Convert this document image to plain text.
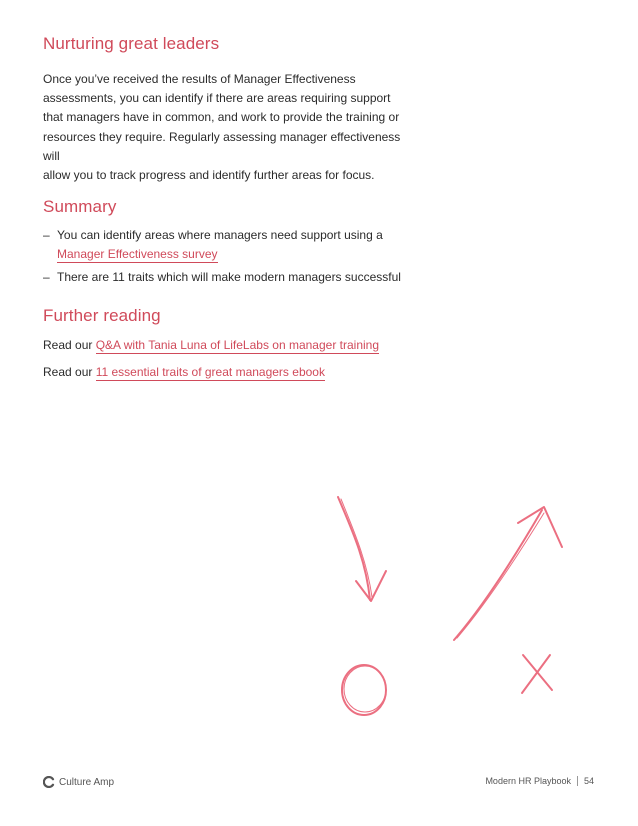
Nurturing great leaders
Once you’ve received the results of Manager Effectiveness
assessments, you can identify if there are areas requiring support
that managers have in common, and work to provide the training or
resources they require. Regularly assessing manager effectiveness will
allow you to track progress and identify further areas for focus.
Summary
– You can identify areas where managers need support using a
Manager Effectiveness survey
– There are 11 traits which will make modern managers successful
Further reading
Read our Q&A with Tania Luna of LifeLabs on manager training
Read our 11 essential traits of great managers ebook
Culture Amp	Modern HR Playbook 54
